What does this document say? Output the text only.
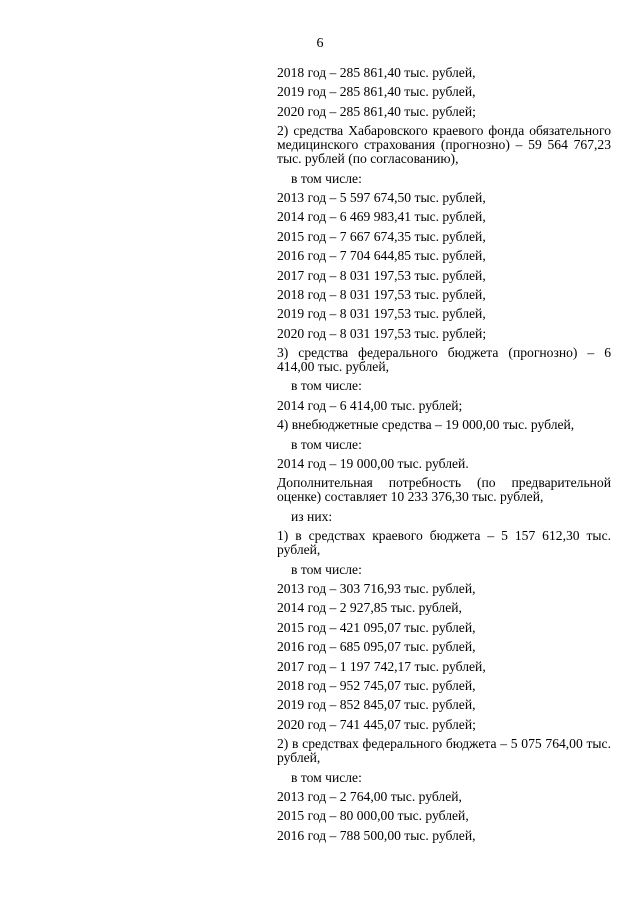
6
2018 год – 285 861,40 тыс. рублей,
2019 год – 285 861,40 тыс. рублей,
2020 год – 285 861,40 тыс. рублей;
2) средства Хабаровского краевого фонда обязательного медицинского страхования (прогнозно) – 59 564 767,23 тыс. рублей (по согласованию),
в том числе:
2013 год – 5 597 674,50 тыс. рублей,
2014 год – 6 469 983,41 тыс. рублей,
2015 год – 7 667 674,35 тыс. рублей,
2016 год – 7 704 644,85 тыс. рублей,
2017 год – 8 031 197,53 тыс. рублей,
2018 год – 8 031 197,53 тыс. рублей,
2019 год – 8 031 197,53 тыс. рублей,
2020 год – 8 031 197,53 тыс. рублей;
3) средства федерального бюджета (прогнозно) – 6 414,00 тыс. рублей,
в том числе:
2014 год – 6 414,00 тыс. рублей;
4) внебюджетные средства – 19 000,00 тыс. рублей,
в том числе:
2014 год – 19 000,00 тыс. рублей.
Дополнительная потребность (по предварительной оценке) составляет 10 233 376,30 тыс. рублей,
из них:
1) в средствах краевого бюджета – 5 157 612,30 тыс. рублей,
в том числе:
2013 год – 303 716,93 тыс. рублей,
2014 год – 2 927,85 тыс. рублей,
2015 год – 421 095,07 тыс. рублей,
2016 год – 685 095,07 тыс. рублей,
2017 год – 1 197 742,17 тыс. рублей,
2018 год – 952 745,07 тыс. рублей,
2019 год – 852 845,07 тыс. рублей,
2020 год – 741 445,07 тыс. рублей;
2) в средствах федерального бюджета – 5 075 764,00 тыс. рублей,
в том числе:
2013 год – 2 764,00 тыс. рублей,
2015 год – 80 000,00 тыс. рублей,
2016 год – 788 500,00 тыс. рублей,
